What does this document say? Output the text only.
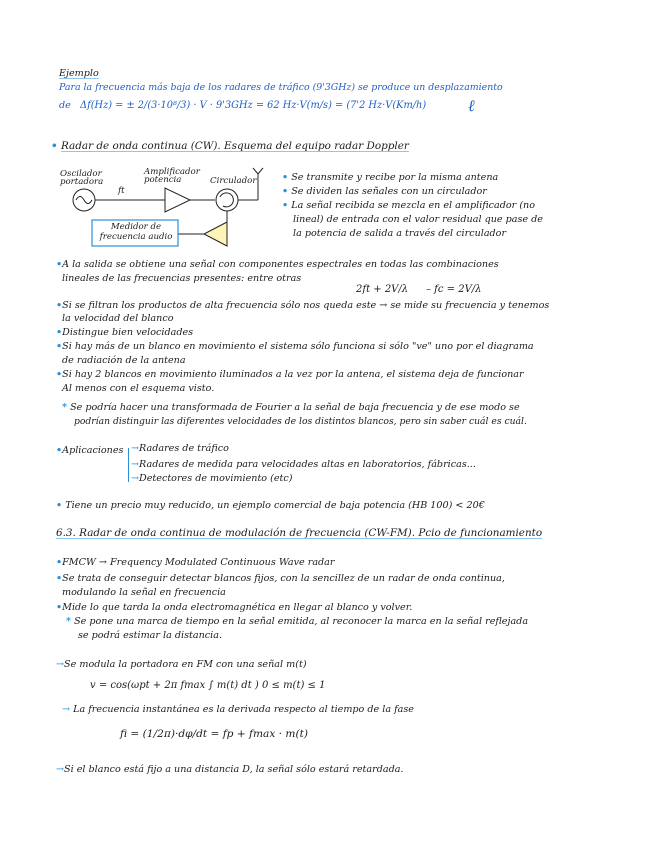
Ejemplo
Para la frecuencia más baja de los radares de tráfico (9'3GHz) se produce un desplazamiento
de Δf(Hz) = ± 2/(3·10⁸/3) · V · 9'3GHz = 62 Hz·V(m/s) = (7'2 Hz·V(Km/h)	ℓ
• Radar de onda continua (CW). Esquema del equipo radar Doppler
Oscilador portadora
ft
Amplificador potencia	Circulador
Medidor de frecuencia audio
• Se transmite y recibe por la misma antena
• Se dividen las señales con un circulador
• La señal recibida se mezcla en el amplificador (no
lineal) de entrada con el valor residual que pase de
la potencia de salida a través del circulador
•A la salida se obtiene una señal con componentes espectrales en todas las combinaciones
lineales de las frecuencias presentes: entre otras
2ft + 2V/λ – fc = 2V/λ
•Si se filtran los productos de alta frecuencia sólo nos queda este → se mide su frecuencia y tenemos
la velocidad del blanco
•Distingue bien velocidades
•Si hay más de un blanco en movimiento el sistema sólo funciona si sólo "ve" uno por el diagrama
de radiación de la antena
•Si hay 2 blancos en movimiento iluminados a la vez por la antena, el sistema deja de funcionar
Al menos con el esquema visto.
* Se podría hacer una transformada de Fourier a la señal de baja frecuencia y de ese modo se
podrían distinguir las diferentes velocidades de los distintos blancos, pero sin saber cuál es cuál.
•Aplicaciones →Radares de tráfico
→Radares de medida para velocidades altas en laboratorios, fábricas...
→Detectores de movimiento (etc)
• Tiene un precio muy reducido, un ejemplo comercial de baja potencia (HB 100) < 20€
6.3. Radar de onda continua de modulación de frecuencia (CW-FM). Pcio de funcionamiento
•FMCW → Frequency Modulated Continuous Wave radar
•Se trata de conseguir detectar blancos fijos, con la sencillez de un radar de onda continua,
modulando la señal en frecuencia
•Mide lo que tarda la onda electromagnética en llegar al blanco y volver.
* Se pone una marca de tiempo en la señal emitida, al reconocer la marca en la señal reflejada
se podrá estimar la distancia.
→Se modula la portadora en FM con una señal m(t)
v = cos(ωpt + 2π fmax ∫ m(t) dt ) 0 ≤ m(t) ≤ 1
→ La frecuencia instantánea es la derivada respecto al tiempo de la fase
fi = (1/2π)·dφ/dt = fp + fmax · m(t)
→Si el blanco está fijo a una distancia D, la señal sólo estará retardada.
